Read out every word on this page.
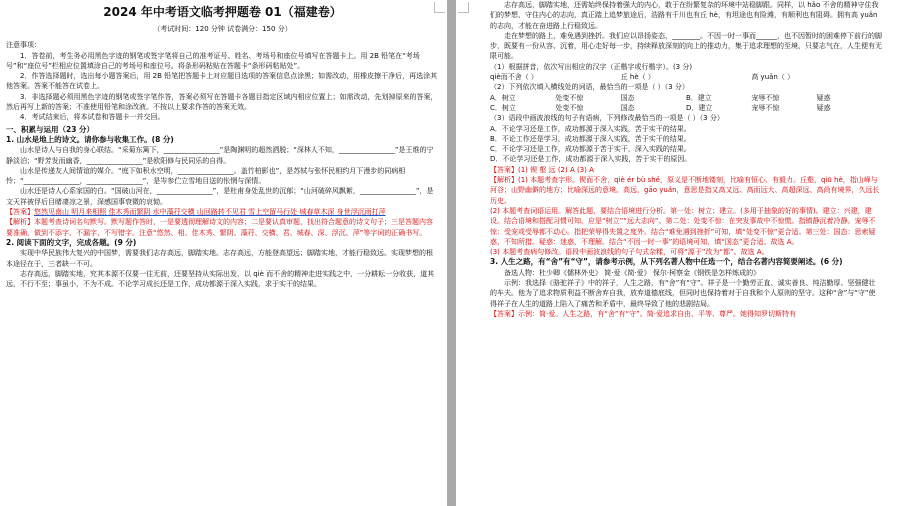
2024 年中考语文临考押题卷 01（福建卷）

（考试时间：120 分钟 试卷满分：150 分）

注意事项：

1．答卷前，考生务必用黑色字迹的钢笔或签字笔将自己的准考证号、姓名、考场号和座位号填写在答题卡上。用 2B 铅笔在“考场号”和“座位号”栏相应位置填涂自己的考场号和座位号。将条形码粘贴在答题卡“条形码粘贴处”。

2．作答选择题时，选出每小题答案后，用 2B 铅笔把答题卡上对应题目选项的答案信息点涂黑；如需改动，用橡皮擦干净后，再选涂其他答案。答案不能答在试卷上。

3．非选择题必须用黑色字迹的钢笔或签字笔作答，答案必须写在答题卡各题目指定区域内相应位置上；如需改动，先划掉原来的答案，然后再写上新的答案；不准使用铅笔和涂改液。不按以上要求作答的答案无效。

4．考试结束后，将本试卷和答题卡一并交回。

一、积累与运用（23 分）

1. 山水是地上的诗文。请你参与收集工作。(8 分)

山水是诗人与自我的身心联结。“采菊东篱下，________________”是陶渊明的超然洒脱；“深林人不知，________________”是王维的宁静淡泊；“野芳发而幽香，________________”是欧阳修与民同乐的自得。

山水是传递友人间情谊的媒介。“庭下如积水空明，________________。盖竹柏影也”，是苏轼与张怀民相约月下漫步的同病相怜；“________________，________________”，是岑参伫立雪地目送的怅惘与深情。

山水还是诗人心系家国的白。“国破山河在，________________”，是杜甫身处乱世的沉郁；“山河破碎风飘絮，________________”，是文天祥被俘后目睹凄凉之景，深感国事衰微的哀恸。

【答案】悠然见南山 明月来相照 佳木秀而繁阴 水中藻荇交横 山回路转不见君 雪上空留马行处 城春草木深 身世浮沉雨打萍

【解析】本题考查诗词名句默写。默写题作答时，一是要透彻理解诗文的内容；二是要认真审题，找出符合题意的诗文句子；三是答题内容要准确，做到不添字、不漏字、不写错字。注意“悠然、相、佳木秀、繁阴、藻荇、交横、君、城春、深、浮沉、萍”等字词的正确书写。

2. 阅读下面的文字，完成各题。(9 分)

实现中华民族伟大复兴的中国梦，需要我们志存高远，脚踏实地。志存高远，方能登高望远；脚踏实地，才能行稳致远。实现梦想的根本途径在于，三者缺一不可。

志存高远，脚踏实地，究其本源不仅要一往无前，还要坚持从实际出发，以 qiè 而不舍的精神走进实践之中，一分耕耘一分收获，道其远，不行不至；事虽小，不为不成。不论学习成长还是工作，成功都源于深入实践，求于实干的结果。

志存高远，脚踏实地，还需始终保持着强大的内心，敢于在纷繁复杂的环境中站稳脚跟。同样，以 hǎo 不舍的精神守住我们的梦想，守住内心的志向，真正踏上追梦旅途后，浩路有千川也有丘 hè，有坦途也有险滩，有顺利也有阻碍。拥有高 yuǎn 的志向，才能在奋进路上行稳致远。

走在梦想的路上，难免遇到挫折。我们应以昂扬姿态，________。不因一时一事而______，也不因暂时的困难停下前行的脚步，既要有一份从容、沉着，用心走好每一步，持续释放深刻的向上的推动力，集于追求理想的至境，只要志气在，人生便有无限可能。

（1）根据拼音，依次写出相应的汉字（正楷字或行楷字）。(3 分)

qiè而不舍（ ）	丘 hè（ ）	高 yuǎn（ ）

（2）下列依次填入横线处的词语，最恰当的一项是（ ）（3 分）

A．树立	处变不惊	国态	B．建立	宠辱不惊	疑惑
C．树立	处变不惊	国态	D．建立	宠辱不惊	疑惑

（3）语段中画波浪线的句子有语病，下列修改最恰当的一项是（ ）（3 分）

A．不论学习还是工作，成功都源于深入实践，苦于实干的结果。

B．不论工作还是学习，成功都源于深入实践，苦于实干的结果。

C．不论学习还是工作，成功都源于苦于实干，深入实践的结果。

D．不论学习还是工作，成功都源于深入实践，苦于实干的原因。

【答案】(1) 锲 壑 远 (2) A (3) A

【解析】(1) 本题考查字形。锲而不舍，qiè ér bù shě，原义是不断地镂刻，比喻有恒心、有毅力。丘壑，qiū hè，指山峰与河谷；山野幽僻的地方；比喻深远的意境。高远，gāo yuǎn，意思是指又高又远、高而远大、高超深远、高尚有境界，久远长历史。

(2) 本题考查词语运用。解答此题，要结合语境进行分析。第一处：树立；建立。(多用于抽象的好的事情)。建立：兴建，建设。结合语境和搭配习惯可知，应是“树立”“远大志向”。第二处：处变不惊：在突发事故中不惊慌。指镇静沉着冷静。宠辱不惊：受宠或受辱都不动心。指把荣辱得失置之度外。结合“难免遇到挫折”可知，填“处变不惊”更合适。第三处：国态：思索疑惑，不知所措。疑惑：迷惑，不理解。结合“不因一时一事”的语境可知，填“国态”更合适。故选 A。

(3) 本题考查病句修改。语段中画波浪线的句子句式杂糅，可将“源于”改为“都”。故选 A。

3. 人生之路，有“舍”有“守”，请参考示例，从下列名著人物中任选一个，结合名著内容简要阐述。(6 分)

备选人物：杜少卿《儒林外史》 简·爱《简·爱》 保尔·柯察金《钢铁是怎样炼成的》

示例：我选择《骆驼祥子》中的祥子，人生之路，有“舍”有“守”。祥子是一个勤劳正直、诚实善良、纯洁勤厚、坚强健壮的车夫。他为了追求物质利益不断舍弃自我，放弃道德底线，但同时也保持着对于自我和个人原则的坚守。这种“舍”与“守”使得祥子在人生的道路上陷入了痛苦和矛盾中，最终导致了他的悲剧结局。

【答案】示例：简·爱。人生之路，有“舍”有“守”。简·爱追求自由、平等、尊严。她得知罗切斯特有
